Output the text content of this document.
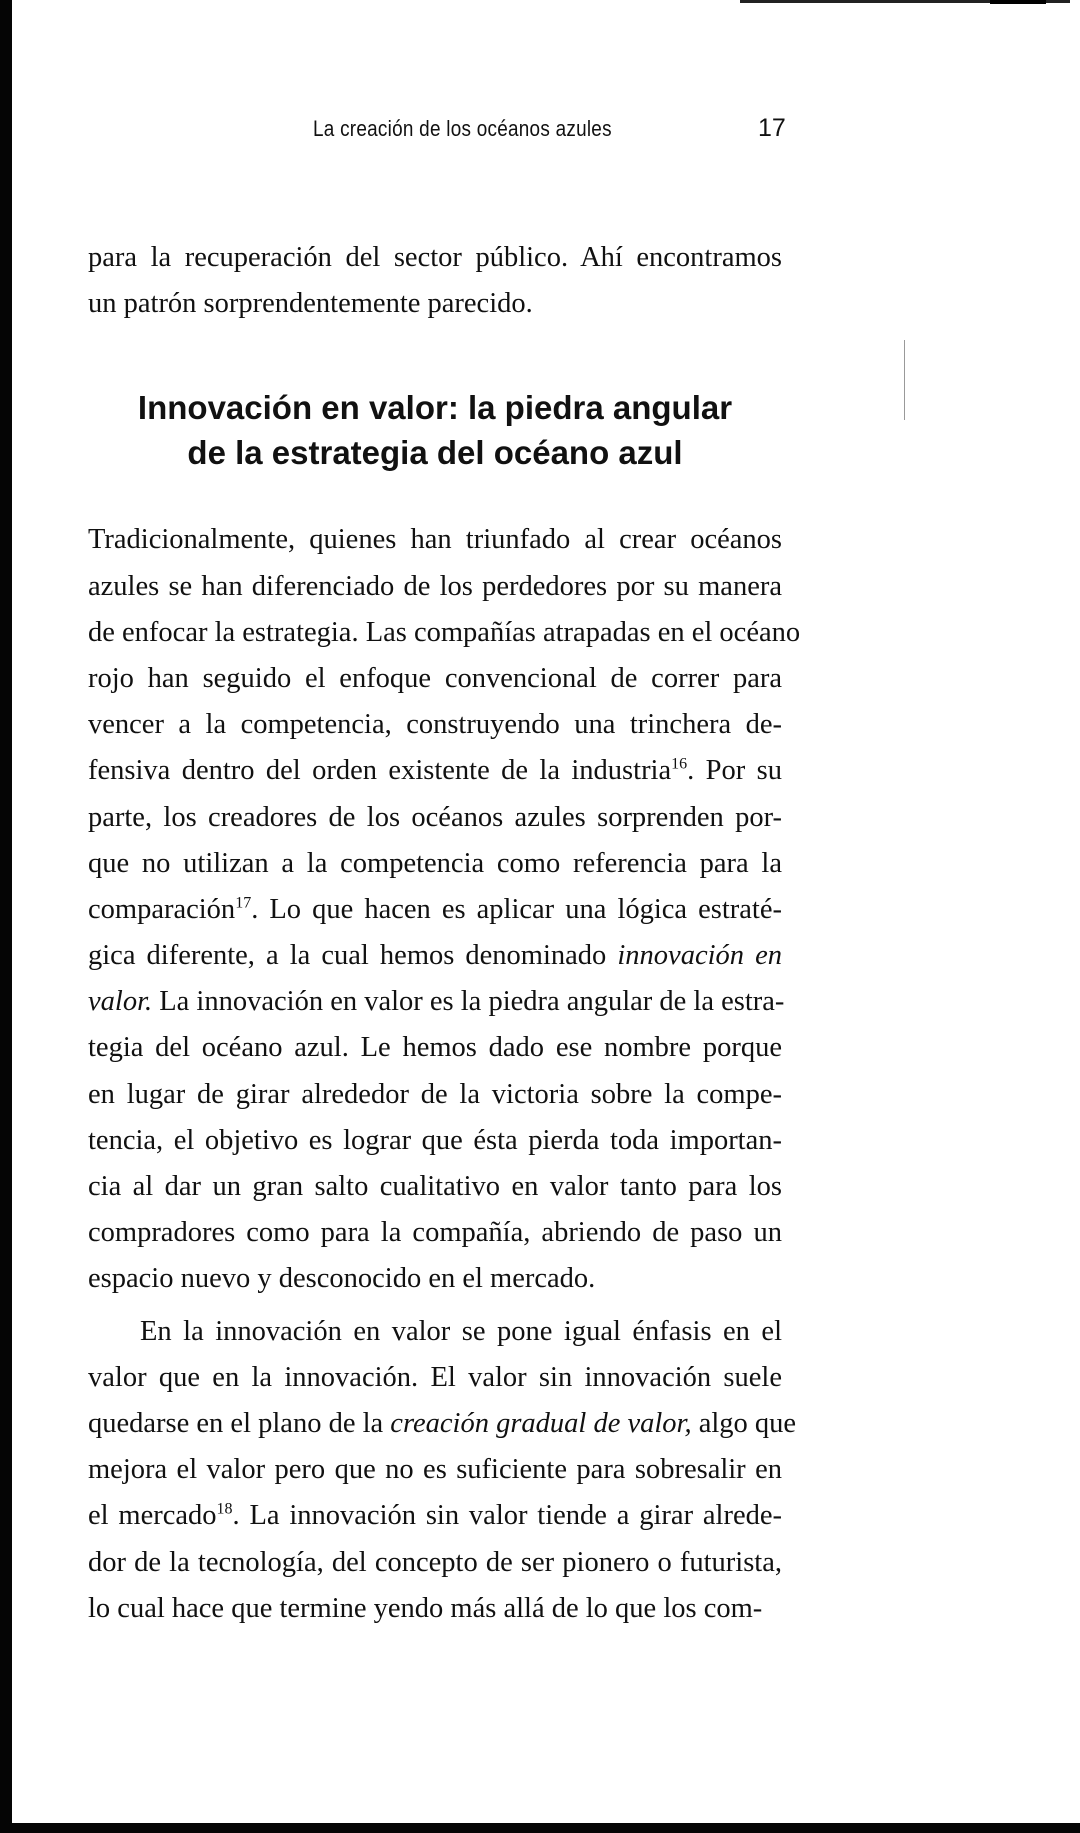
La creación de los océanos azules	17
para la recuperación del sector público. Ahí encontramos
un patrón sorprendentemente parecido.
Innovación en valor: la piedra angular
de la estrategia del océano azul
Tradicionalmente, quienes han triunfado al crear océanos
azules se han diferenciado de los perdedores por su manera
de enfocar la estrategia. Las compañías atrapadas en el océano
rojo han seguido el enfoque convencional de correr para
vencer a la competencia, construyendo una trinchera de-
fensiva dentro del orden existente de la industria$^{16}$. Por su
parte, los creadores de los océanos azules sorprenden por-
que no utilizan a la competencia como referencia para la
comparación$^{17}$. Lo que hacen es aplicar una lógica estraté-
gica diferente, a la cual hemos denominado innovación en
valor. La innovación en valor es la piedra angular de la estra-
tegia del océano azul. Le hemos dado ese nombre porque
en lugar de girar alrededor de la victoria sobre la compe-
tencia, el objetivo es lograr que ésta pierda toda importan-
cia al dar un gran salto cualitativo en valor tanto para los
compradores como para la compañía, abriendo de paso un
espacio nuevo y desconocido en el mercado.
En la innovación en valor se pone igual énfasis en el
valor que en la innovación. El valor sin innovación suele
quedarse en el plano de la creación gradual de valor, algo que
mejora el valor pero que no es suficiente para sobresalir en
el mercado$^{18}$. La innovación sin valor tiende a girar alrede-
dor de la tecnología, del concepto de ser pionero o futurista,
lo cual hace que termine yendo más allá de lo que los com-
